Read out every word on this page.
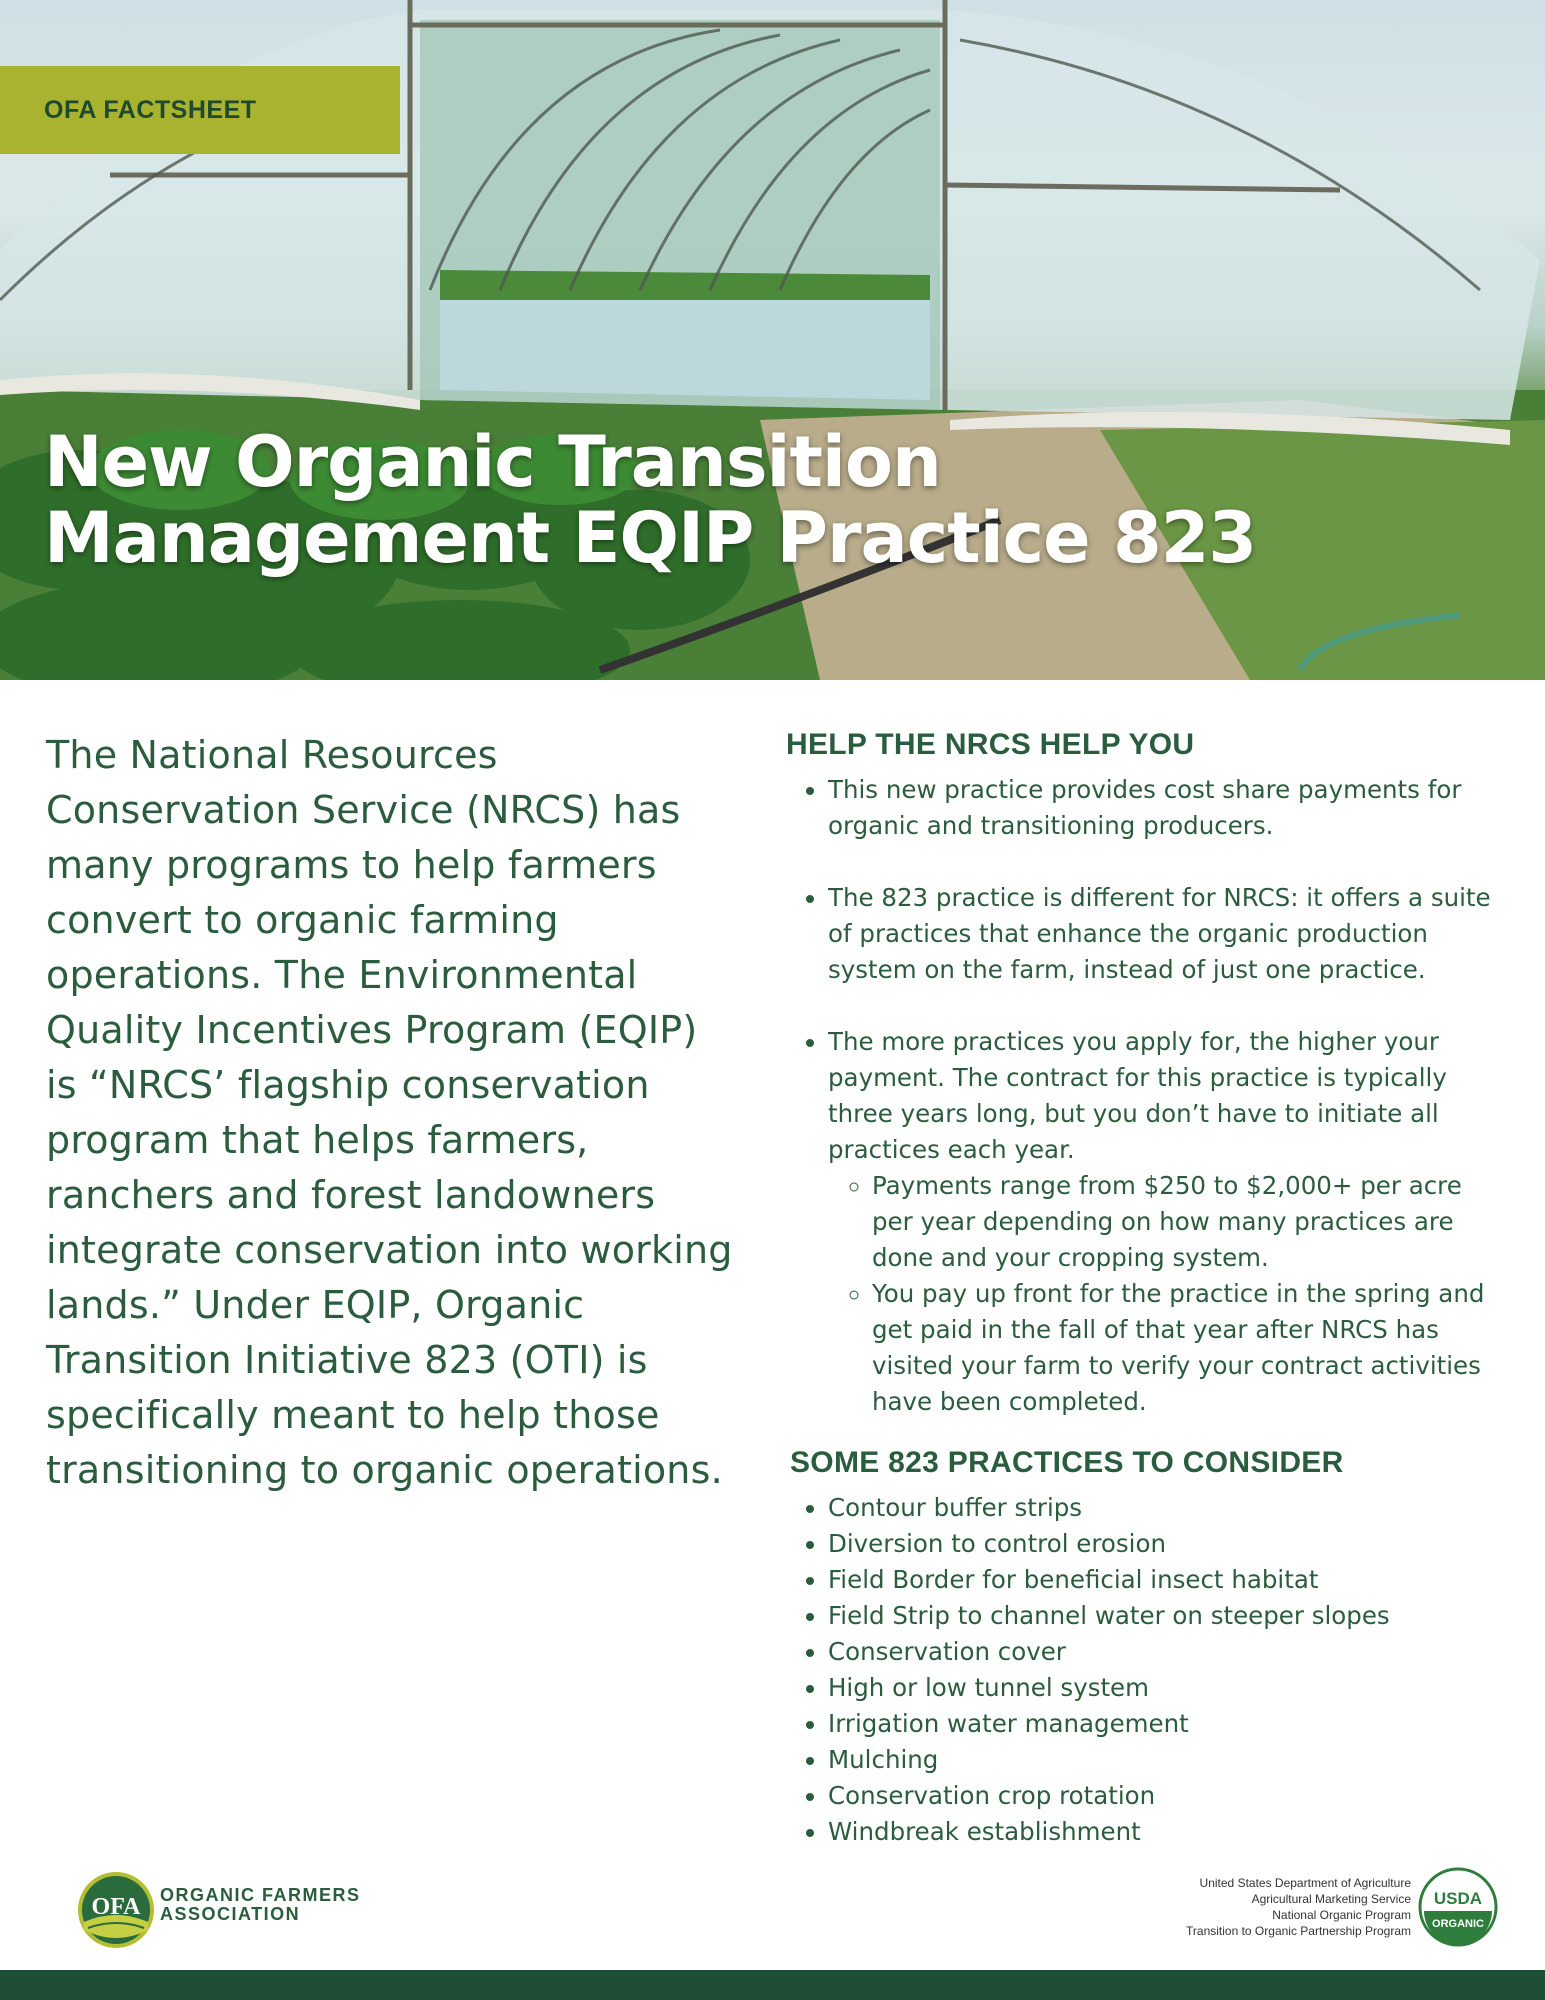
OFA FACTSHEET
New Organic Transition
Management EQIP Practice 823

The National Resources Conservation Service (NRCS) has many programs to help farmers convert to organic farming operations. The Environmental Quality Incentives Program (EQIP) is “NRCS’ flagship conservation program that helps farmers, ranchers and forest landowners integrate conservation into working lands.” Under EQIP, Organic Transition Initiative 823 (OTI) is specifically meant to help those transitioning to organic operations.

HELP THE NRCS HELP YOU
• This new practice provides cost share payments for organic and transitioning producers.
• The 823 practice is different for NRCS: it offers a suite of practices that enhance the organic production system on the farm, instead of just one practice.
• The more practices you apply for, the higher your payment. The contract for this practice is typically three years long, but you don’t have to initiate all practices each year.
◦ Payments range from $250 to $2,000+ per acre per year depending on how many practices are done and your cropping system.
◦ You pay up front for the practice in the spring and get paid in the fall of that year after NRCS has visited your farm to verify your contract activities have been completed.
SOME 823 PRACTICES TO CONSIDER
• Contour buffer strips
• Diversion to control erosion
• Field Border for beneficial insect habitat
• Field Strip to channel water on steeper slopes
• Conservation cover
• High or low tunnel system
• Irrigation water management
• Mulching
• Conservation crop rotation
• Windbreak establishment
OFA ORGANIC FARMERS
ASSOCIATION
United States Department of Agriculture
Agricultural Marketing Service
National Organic Program
Transition to Organic Partnership Program
USDA
ORGANIC
